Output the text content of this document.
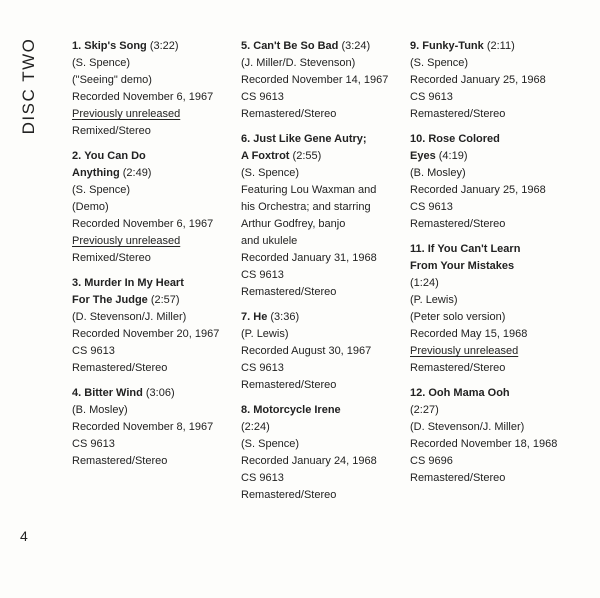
DISC TWO
4
1. Skip's Song (3:22)
(S. Spence)
("Seeing" demo)
Recorded November 6, 1967
Previously unreleased
Remixed/Stereo
2. You Can Do
Anything (2:49)
(S. Spence)
(Demo)
Recorded November 6, 1967
Previously unreleased
Remixed/Stereo
3. Murder In My Heart
For The Judge (2:57)
(D. Stevenson/J. Miller)
Recorded November 20, 1967
CS 9613
Remastered/Stereo
4. Bitter Wind (3:06)
(B. Mosley)
Recorded November 8, 1967
CS 9613
Remastered/Stereo
5. Can't Be So Bad (3:24)
(J. Miller/D. Stevenson)
Recorded November 14, 1967
CS 9613
Remastered/Stereo
6. Just Like Gene Autry;
A Foxtrot (2:55)
(S. Spence)
Featuring Lou Waxman and
his Orchestra; and starring
Arthur Godfrey, banjo
and ukulele
Recorded January 31, 1968
CS 9613
Remastered/Stereo
7. He (3:36)
(P. Lewis)
Recorded August 30, 1967
CS 9613
Remastered/Stereo
8. Motorcycle Irene
(2:24)
(S. Spence)
Recorded January 24, 1968
CS 9613
Remastered/Stereo
9. Funky-Tunk (2:11)
(S. Spence)
Recorded January 25, 1968
CS 9613
Remastered/Stereo
10. Rose Colored
Eyes (4:19)
(B. Mosley)
Recorded January 25, 1968
CS 9613
Remastered/Stereo
11. If You Can't Learn
From Your Mistakes
(1:24)
(P. Lewis)
(Peter solo version)
Recorded May 15, 1968
Previously unreleased
Remastered/Stereo
12. Ooh Mama Ooh
(2:27)
(D. Stevenson/J. Miller)
Recorded November 18, 1968
CS 9696
Remastered/Stereo
